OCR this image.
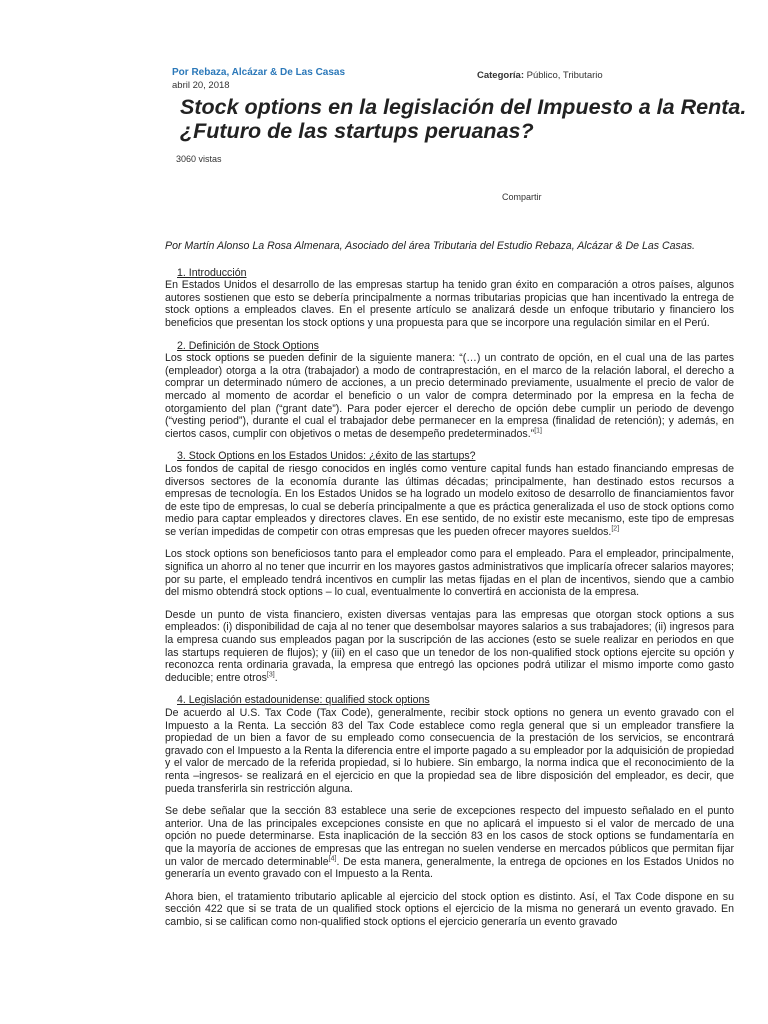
Por Rebaza, Alcázar & De Las Casas
abril 20, 2018
Categoría: Público, Tributario
Stock options en la legislación del Impuesto a la Renta. ¿Futuro de las startups peruanas?
3060 vistas
Compartir

Por Martín Alonso La Rosa Almenara, Asociado del área Tributaria del Estudio Rebaza, Alcázar & De Las Casas.

1. Introducción

En Estados Unidos el desarrollo de las empresas startup ha tenido gran éxito en comparación a otros países, algunos autores sostienen que esto se debería principalmente a normas tributarias propicias que han incentivado la entrega de stock options a empleados claves. En el presente artículo se analizará desde un enfoque tributario y financiero los beneficios que presentan los stock options y una propuesta para que se incorpore una regulación similar en el Perú.

2. Definición de Stock Options

Los stock options se pueden definir de la siguiente manera: “(…) un contrato de opción, en el cual una de las partes (empleador) otorga a la otra (trabajador) a modo de contraprestación, en el marco de la relación laboral, el derecho a comprar un determinado número de acciones, a un precio determinado previamente, usualmente el precio de valor de mercado al momento de acordar el beneficio o un valor de compra determinado por la empresa en la fecha de otorgamiento del plan (“grant date”). Para poder ejercer el derecho de opción debe cumplir un periodo de devengo (“vesting period”), durante el cual el trabajador debe permanecer en la empresa (finalidad de retención); y además, en ciertos casos, cumplir con objetivos o metas de desempeño predeterminados.”[1]

3. Stock Options en los Estados Unidos: ¿éxito de las startups?

Los fondos de capital de riesgo conocidos en inglés como venture capital funds han estado financiando empresas de diversos sectores de la economía durante las últimas décadas; principalmente, han destinado estos recursos a empresas de tecnología. En los Estados Unidos se ha logrado un modelo exitoso de desarrollo de financiamientos favor de este tipo de empresas, lo cual se debería principalmente a que es práctica generalizada el uso de stock options como medio para captar empleados y directores claves. En ese sentido, de no existir este mecanismo, este tipo de empresas se verían impedidas de competir con otras empresas que les pueden ofrecer mayores sueldos.[2]

Los stock options son beneficiosos tanto para el empleador como para el empleado. Para el empleador, principalmente, significa un ahorro al no tener que incurrir en los mayores gastos administrativos que implicaría ofrecer salarios mayores; por su parte, el empleado tendrá incentivos en cumplir las metas fijadas en el plan de incentivos, siendo que a cambio del mismo obtendrá stock options – lo cual, eventualmente lo convertirá en accionista de la empresa.

Desde un punto de vista financiero, existen diversas ventajas para las empresas que otorgan stock options a sus empleados: (i) disponibilidad de caja al no tener que desembolsar mayores salarios a sus trabajadores; (ii) ingresos para la empresa cuando sus empleados pagan por la suscripción de las acciones (esto se suele realizar en periodos en que las startups requieren de flujos); y (iii) en el caso que un tenedor de los non-qualified stock options ejercite su opción y reconozca renta ordinaria gravada, la empresa que entregó las opciones podrá utilizar el mismo importe como gasto deducible; entre otros[3].

4. Legislación estadounidense: qualified stock options

De acuerdo al U.S. Tax Code (Tax Code), generalmente, recibir stock options no genera un evento gravado con el Impuesto a la Renta. La sección 83 del Tax Code establece como regla general que si un empleador transfiere la propiedad de un bien a favor de su empleado como consecuencia de la prestación de los servicios, se encontrará gravado con el Impuesto a la Renta la diferencia entre el importe pagado a su empleador por la adquisición de propiedad y el valor de mercado de la referida propiedad, si lo hubiere. Sin embargo, la norma indica que el reconocimiento de la renta –ingresos- se realizará en el ejercicio en que la propiedad sea de libre disposición del empleador, es decir, que pueda transferirla sin restricción alguna.

Se debe señalar que la sección 83 establece una serie de excepciones respecto del impuesto señalado en el punto anterior. Una de las principales excepciones consiste en que no aplicará el impuesto si el valor de mercado de una opción no puede determinarse. Esta inaplicación de la sección 83 en los casos de stock options se fundamentaría en que la mayoría de acciones de empresas que las entregan no suelen venderse en mercados públicos que permitan fijar un valor de mercado determinable[4]. De esta manera, generalmente, la entrega de opciones en los Estados Unidos no generaría un evento gravado con el Impuesto a la Renta.

Ahora bien, el tratamiento tributario aplicable al ejercicio del stock option es distinto. Así, el Tax Code dispone en su sección 422 que si se trata de un qualified stock options el ejercicio de la misma no generará un evento gravado. En cambio, si se califican como non-qualified stock options el ejercicio generaría un evento gravado
